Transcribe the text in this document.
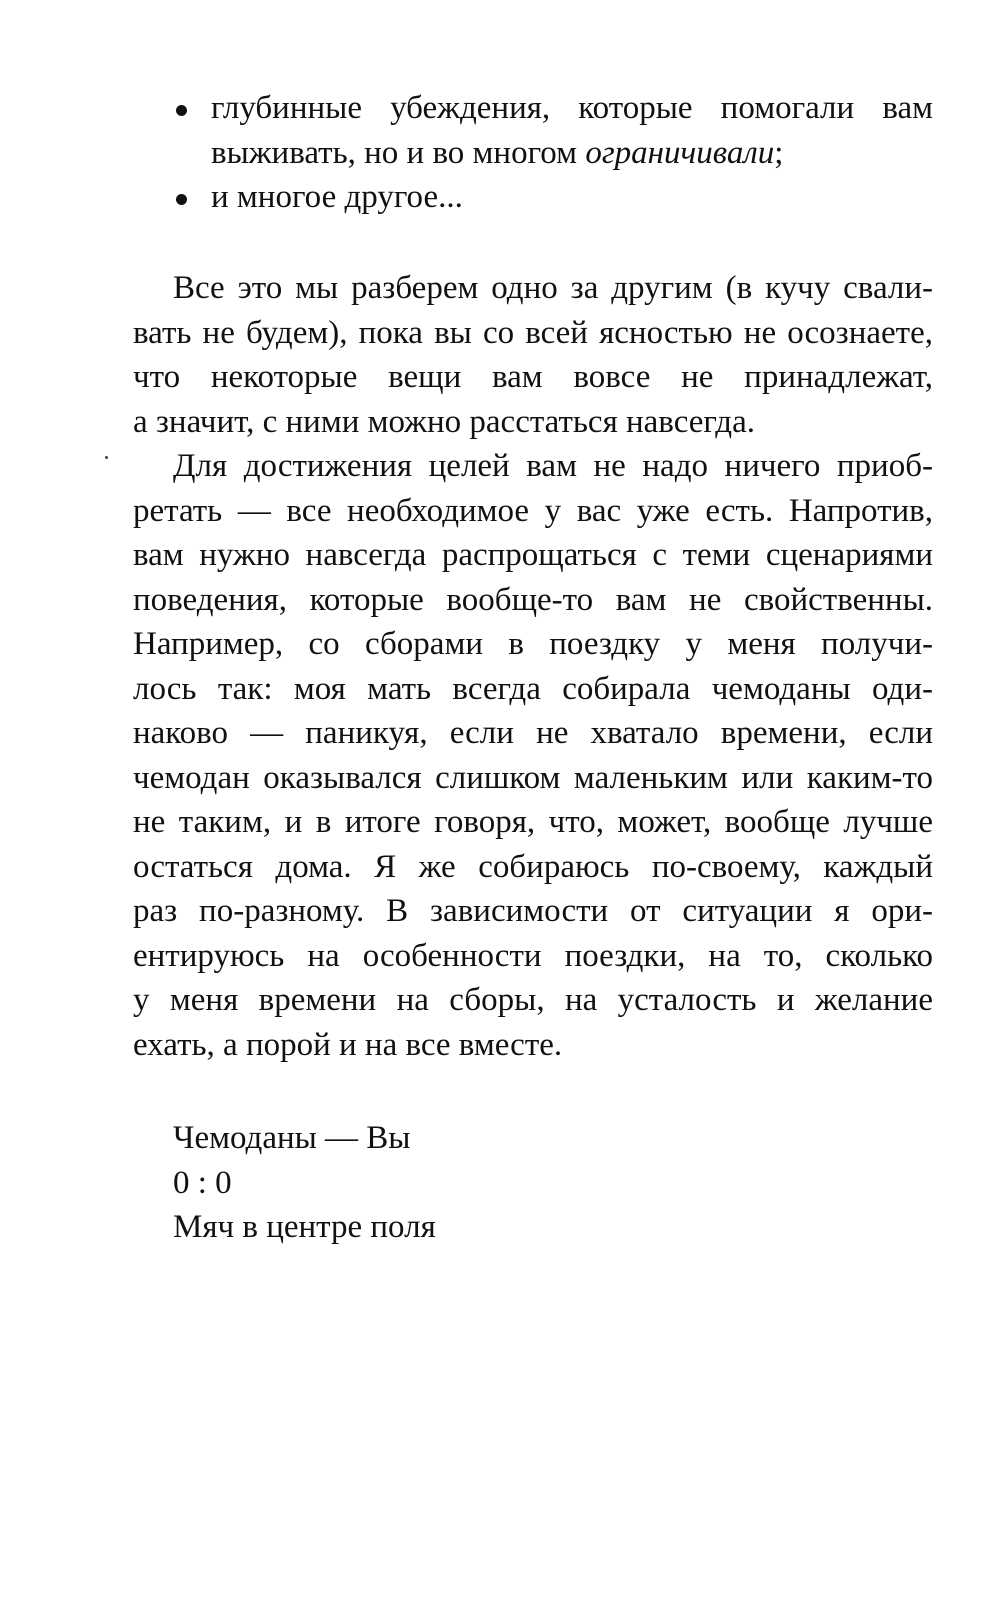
глубинные убеждения, которые помогали вам
выживать, но и во многом ограничивали;
и многое другое...
Все это мы разберем одно за другим (в кучу свали-
вать не будем), пока вы со всей ясностью не осознаете,
что некоторые вещи вам вовсе не принадлежат,
а значит, с ними можно расстаться навсегда.
Для достижения целей вам не надо ничего приоб-
ретать — все необходимое у вас уже есть. Напротив,
вам нужно навсегда распрощаться с теми сценариями
поведения, которые вообще-то вам не свойственны.
Например, со сборами в поездку у меня получи-
лось так: моя мать всегда собирала чемоданы оди-
наково — паникуя, если не хватало времени, если
чемодан оказывался слишком маленьким или каким-то
не таким, и в итоге говоря, что, может, вообще лучше
остаться дома. Я же собираюсь по-своему, каждый
раз по-разному. В зависимости от ситуации я ори-
ентируюсь на особенности поездки, на то, сколько
у меня времени на сборы, на усталость и желание
ехать, а порой и на все вместе.
Чемоданы — Вы
0 : 0
Мяч в центре поля
